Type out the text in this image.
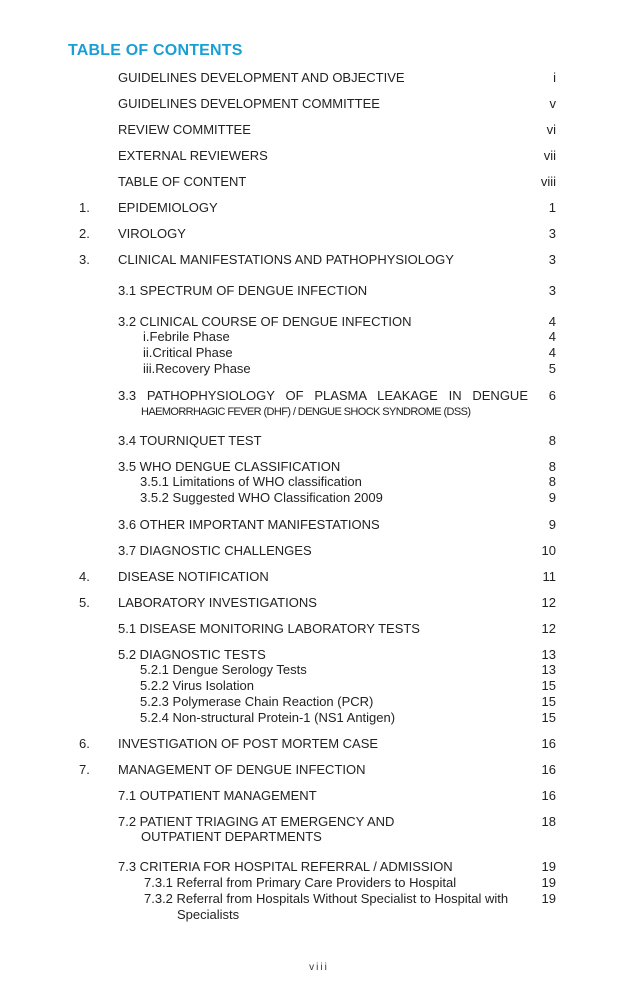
TABLE OF CONTENTS
GUIDELINES DEVELOPMENT AND OBJECTIVE	i
GUIDELINES DEVELOPMENT COMMITTEE	v
REVIEW COMMITTEE	vi
EXTERNAL REVIEWERS	vii
TABLE OF CONTENT	viii
1. EPIDEMIOLOGY	1
2. VIROLOGY	3
3. CLINICAL MANIFESTATIONS AND PATHOPHYSIOLOGY	3
3.1 SPECTRUM OF DENGUE INFECTION	3
3.2 CLINICAL COURSE OF DENGUE INFECTION	4
i.Febrile Phase	4
ii.Critical Phase	4
iii.Recovery Phase	5
3.3 PATHOPHYSIOLOGY OF PLASMA LEAKAGE IN DENGUE 6
HAEMORRHAGIC FEVER (DHF) / DENGUE SHOCK SYNDROME (DSS)
3.4 TOURNIQUET TEST	8
3.5 WHO DENGUE CLASSIFICATION	8
3.5.1 Limitations of WHO classification	8
3.5.2 Suggested WHO Classification 2009	9
3.6 OTHER IMPORTANT MANIFESTATIONS	9
3.7 DIAGNOSTIC CHALLENGES	10
4. DISEASE NOTIFICATION	11
5. LABORATORY INVESTIGATIONS	12
5.1 DISEASE MONITORING LABORATORY TESTS	12
5.2 DIAGNOSTIC TESTS	13
5.2.1 Dengue Serology Tests	13
5.2.2 Virus Isolation	15
5.2.3 Polymerase Chain Reaction (PCR)	15
5.2.4 Non-structural Protein-1 (NS1 Antigen)	15
6. INVESTIGATION OF POST MORTEM CASE	16
7. MANAGEMENT OF DENGUE INFECTION	16
7.1 OUTPATIENT MANAGEMENT	16
7.2 PATIENT TRIAGING AT EMERGENCY AND	18
OUTPATIENT DEPARTMENTS
7.3 CRITERIA FOR HOSPITAL REFERRAL / ADMISSION	19
7.3.1 Referral from Primary Care Providers to Hospital	19
7.3.2 Referral from Hospitals Without Specialist to Hospital with	19
Specialists
viii
